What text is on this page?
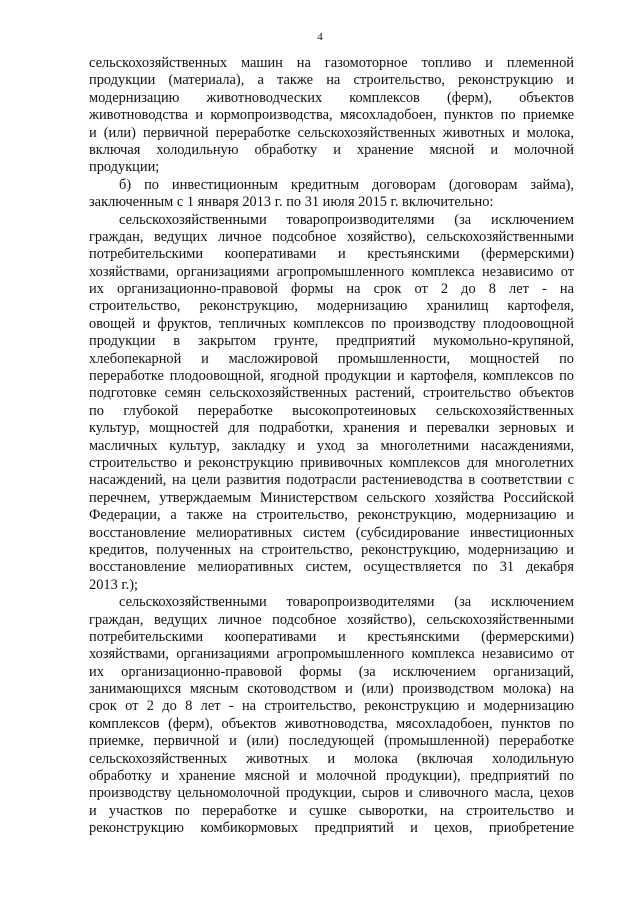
4
сельскохозяйственных машин на газомоторное топливо и племенной
продукции (материала), а также на строительство, реконструкцию и
модернизацию животноводческих комплексов (ферм), объектов
животноводства и кормопроизводства, мясохладобоен, пунктов по приемке
и (или) первичной переработке сельскохозяйственных животных и молока,
включая холодильную обработку и хранение мясной и молочной
продукции;
б) по инвестиционным кредитным договорам (договорам займа),
заключенным с 1 января 2013 г. по 31 июля 2015 г. включительно:
сельскохозяйственными товаропроизводителями (за исключением
граждан, ведущих личное подсобное хозяйство), сельскохозяйственными
потребительскими кооперативами и крестьянскими (фермерскими)
хозяйствами, организациями агропромышленного комплекса независимо от
их организационно-правовой формы на срок от 2 до 8 лет - на
строительство, реконструкцию, модернизацию хранилищ картофеля,
овощей и фруктов, тепличных комплексов по производству плодоовощной
продукции в закрытом грунте, предприятий мукомольно-крупяной,
хлебопекарной и масложировой промышленности, мощностей по
переработке плодоовощной, ягодной продукции и картофеля, комплексов по
подготовке семян сельскохозяйственных растений, строительство объектов
по глубокой переработке высокопротеиновых сельскохозяйственных
культур, мощностей для подработки, хранения и перевалки зерновых и
масличных культур, закладку и уход за многолетними насаждениями,
строительство и реконструкцию прививочных комплексов для многолетних
насаждений, на цели развития подотрасли растениеводства в соответствии с
перечнем, утверждаемым Министерством сельского хозяйства Российской
Федерации, а также на строительство, реконструкцию, модернизацию и
восстановление мелиоративных систем (субсидирование инвестиционных
кредитов, полученных на строительство, реконструкцию, модернизацию и
восстановление мелиоративных систем, осуществляется по 31 декабря
2013 г.);
сельскохозяйственными товаропроизводителями (за исключением
граждан, ведущих личное подсобное хозяйство), сельскохозяйственными
потребительскими кооперативами и крестьянскими (фермерскими)
хозяйствами, организациями агропромышленного комплекса независимо от
их организационно-правовой формы (за исключением организаций,
занимающихся мясным скотоводством и (или) производством молока) на
срок от 2 до 8 лет - на строительство, реконструкцию и модернизацию
комплексов (ферм), объектов животноводства, мясохладобоен, пунктов по
приемке, первичной и (или) последующей (промышленной) переработке
сельскохозяйственных животных и молока (включая холодильную
обработку и хранение мясной и молочной продукции), предприятий по
производству цельномолочной продукции, сыров и сливочного масла, цехов
и участков по переработке и сушке сыворотки, на строительство и
реконструкцию комбикормовых предприятий и цехов, приобретение
